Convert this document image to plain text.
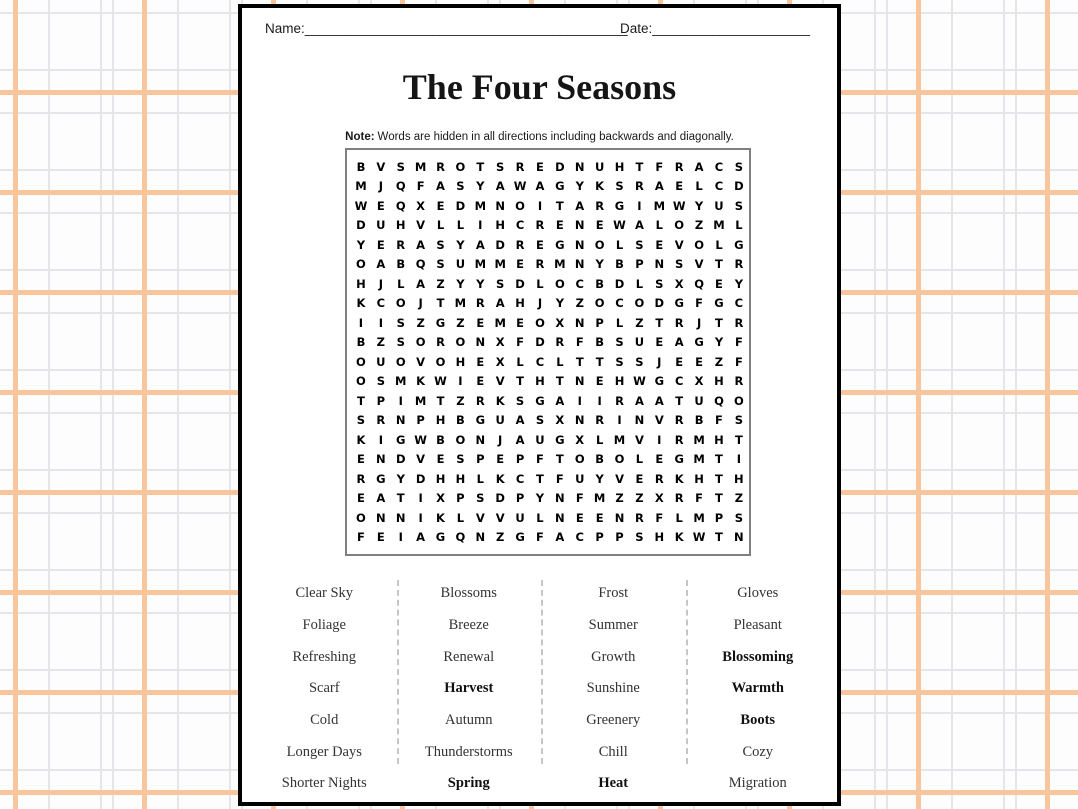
Name:___________________________________________
Date:_____________________
The Four Seasons
Note: Words are hidden in all directions including backwards and diagonally.
B V S M R O T	S R	E D N U H T	F	R A C	S
M	J	Q F	A S	Y A W A G Y K S R A	E	L	C D
W E Q X	E D M N O	I	T	A R G	I	M W Y U S
D U H V	L	L	I	H C R	E N E W A	L O Z M L
Y	E	R A S	Y A D R	E G N O L	S	E	V O L	G
O A B Q S U M M E	R M N Y B P N S V	T	R
H	J	L	A Z	Y	Y	S D L O C B D L	S X Q E	Y
K C O	J	T M R A H	J	Y	Z O C O D G F G C
I	I	S	Z G Z	E M E O X N P	L	Z	T	R	J	T	R
B Z	S O R O N X	F D R	F	B S U E	A G Y	F
O U O V O H E	X	L	C	L	T	T	S	S	J	E	E	Z	F
O S M K W I	E	V	T H T N E H W G C X H R
T	P	I	M T	Z R K S G A	I	I	R A A	T U Q O
S R N P H B G U A S X N R	I	N V R B	F	S
K	I	G W B O N	J	A U G X	L M V	I	R M H T
E N D V	E	S	P	E	P	F	T O B O L	E G M T	I
R G Y D H H L	K C	T	F U Y V	E	R K H T H
E	A	T	I	X P	S D P	Y N F M Z	Z X R	F	T	Z
O N N	I	K	L	V V U	L N E	E N R	F	L M P	S
F	E	I	A G Q N Z G F	A C P P	S H K W T N
Clear Sky
Foliage
Refreshing
Scarf
Cold
Longer Days
Shorter Nights
Blossoms
Breeze
Renewal
Harvest
Autumn
Thunderstorms
Spring
Frost
Summer
Growth
Sunshine
Greenery
Chill
Heat
Gloves
Pleasant
Blossoming
Warmth
Boots
Cozy
Migration
